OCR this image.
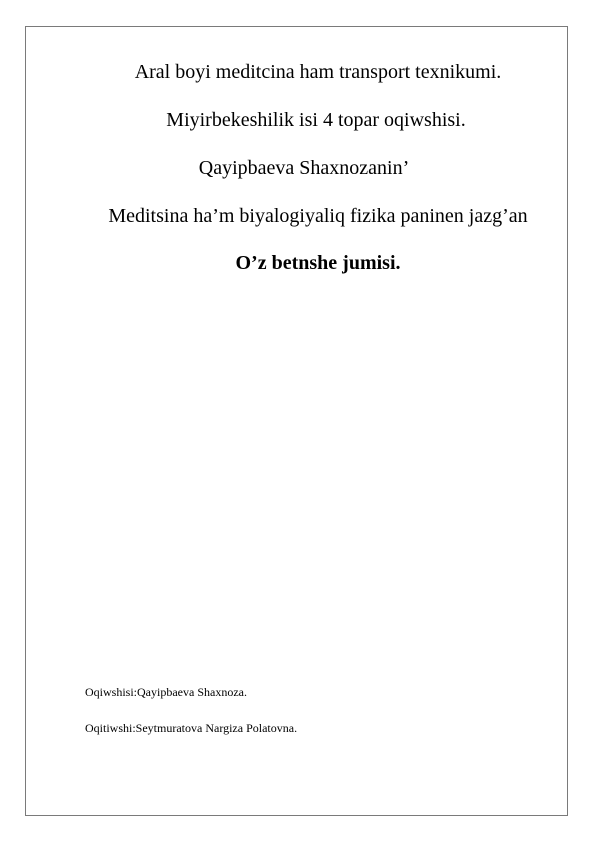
Aral boyi meditcina ham transport texnikumi.
Miyirbekeshilik isi 4 topar oqiwshisi.
Qayipbaeva Shaxnozanin’
Meditsina ha’m biyalogiyaliq fizika paninen jazg’an
O’z betnshe jumisi.
Oqiwshisi:Qayipbaeva Shaxnoza.
Oqitiwshi:Seytmuratova Nargiza Polatovna.
